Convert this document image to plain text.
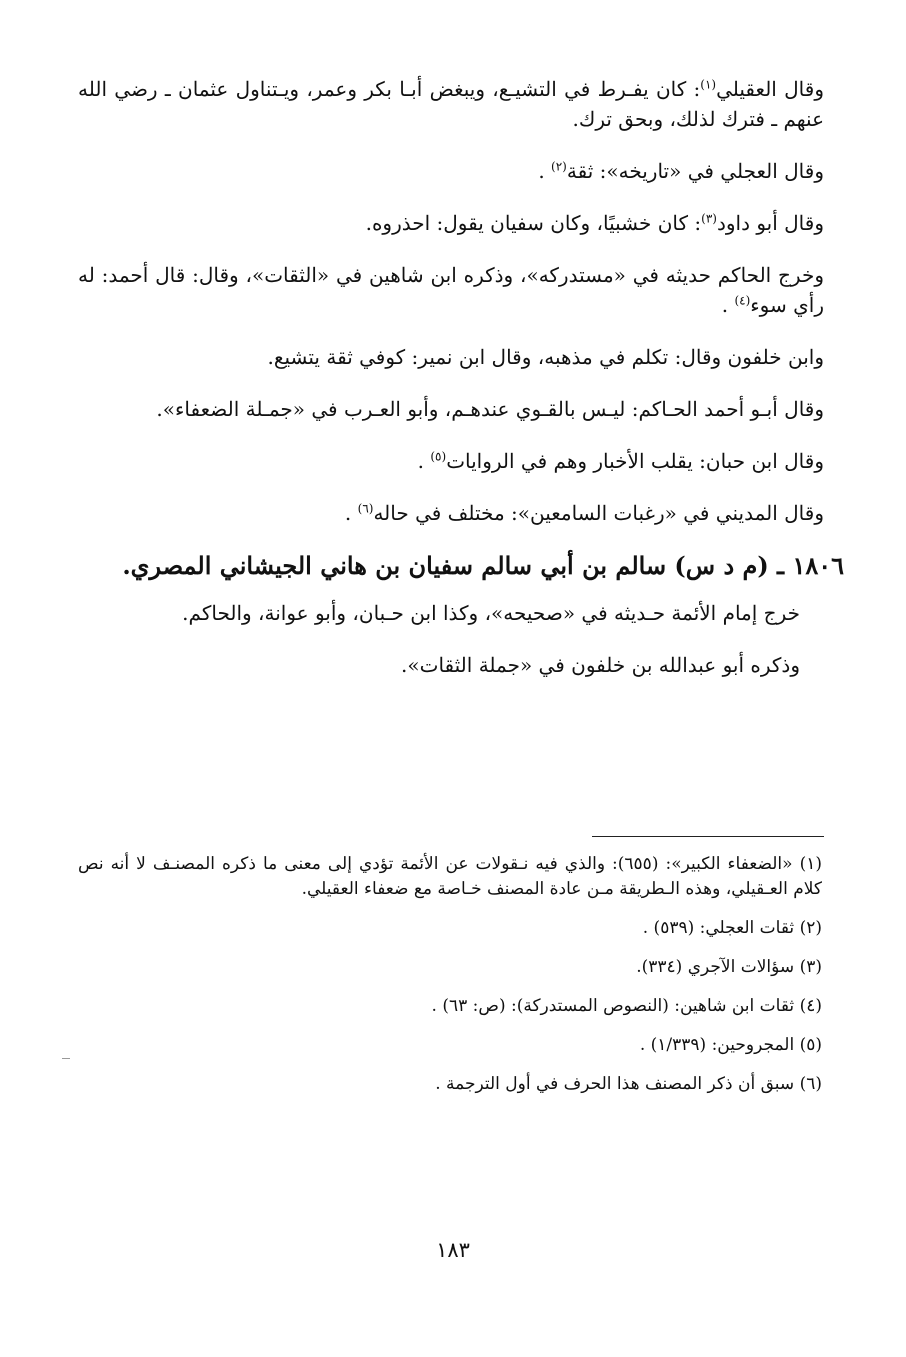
وقال العقيلي$^{(١)}$: كان يفـرط في التشيـع، ويبغض أبـا بكر وعمر، ويـتناول عثمان ـ رضي الله عنهم ـ فترك لذلك، وبحق ترك.

وقال العجلي في «تاريخه»: ثقة$^{(٢)}$ .

وقال أبو داود$^{(٣)}$: كان خشبيًا، وكان سفيان يقول: احذروه.

وخرج الحاكم حديثه في «مستدركه»، وذكره ابن شاهين في «الثقات»، وقال: قال أحمد: له رأي سوء$^{(٤)}$ .

وابن خلفون وقال: تكلم في مذهبه، وقال ابن نمير: كوفي ثقة يتشيع.

وقال أبـو أحمد الحـاكم: ليـس بالقـوي عندهـم، وأبو العـرب في «جمـلة الضعفاء».

وقال ابن حبان: يقلب الأخبار وهم في الروايات$^{(٥)}$ .

وقال المديني في «رغبات السامعين»: مختلف في حاله$^{(٦)}$ .

١٨٠٦ ـ (م د س) سالم بن أبي سالم سفيان بن هاني الجيشاني المصري.

خرج إمام الأئمة حـديثه في «صحيحه»، وكذا ابن حـبان، وأبو عوانة، والحاكم.

وذكره أبو عبدالله بن خلفون في «جملة الثقات».

(١) «الضعفاء الكبير»: (٦٥٥): والذي فيه نـقولات عن الأئمة تؤدي إلى معنى ما ذكره المصنـف لا أنه نص كلام العـقيلي، وهذه الـطريقة مـن عادة المصنف خـاصة مع ضعفاء العقيلي.
(٢) ثقات العجلي: (٥٣٩) .
(٣) سؤالات الآجري (٣٣٤).
(٤) ثقات ابن شاهين: (النصوص المستدركة): (ص: ٦٣) .
(٥) المجروحين: (١/٣٣٩) .
(٦) سبق أن ذكر المصنف هذا الحرف في أول الترجمة .
١٨٣
